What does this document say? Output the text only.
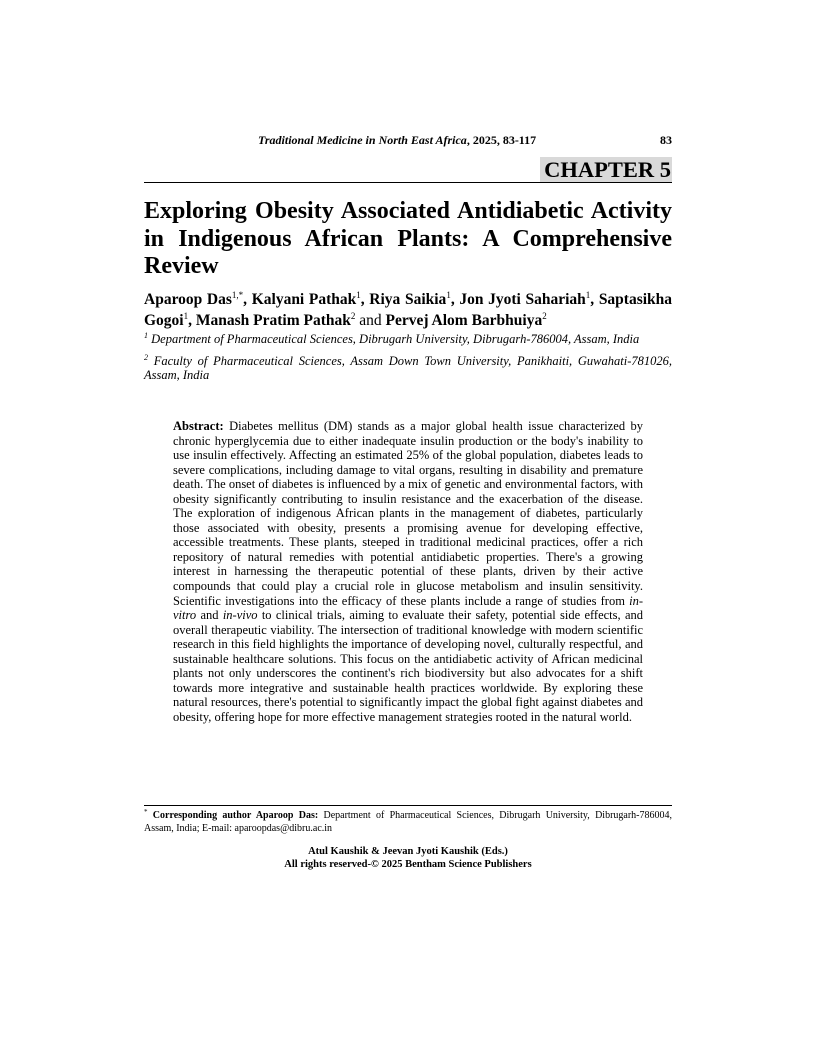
Traditional Medicine in North East Africa, 2025, 83-117	83
CHAPTER 5
Exploring Obesity Associated Antidiabetic Activity in Indigenous African Plants: A Comprehensive Review
Aparoop Das$^{1,*}$, Kalyani Pathak$^1$, Riya Saikia$^1$, Jon Jyoti Sahariah$^1$, Saptasikha Gogoi$^1$, Manash Pratim Pathak$^2$ and Pervej Alom Barbhuiya$^2$

$^1$ Department of Pharmaceutical Sciences, Dibrugarh University, Dibrugarh-786004, Assam, India

$^2$ Faculty of Pharmaceutical Sciences, Assam Down Town University, Panikhaiti, Guwahati-781026, Assam, India

Abstract: Diabetes mellitus (DM) stands as a major global health issue characterized by chronic hyperglycemia due to either inadequate insulin production or the body's inability to use insulin effectively. Affecting an estimated 25% of the global population, diabetes leads to severe complications, including damage to vital organs, resulting in disability and premature death. The onset of diabetes is influenced by a mix of genetic and environmental factors, with obesity significantly contributing to insulin resistance and the exacerbation of the disease. The exploration of indigenous African plants in the management of diabetes, particularly those associated with obesity, presents a promising avenue for developing effective, accessible treatments. These plants, steeped in traditional medicinal practices, offer a rich repository of natural remedies with potential antidiabetic properties. There's a growing interest in harnessing the therapeutic potential of these plants, driven by their active compounds that could play a crucial role in glucose metabolism and insulin sensitivity. Scientific investigations into the efficacy of these plants include a range of studies from in-vitro and in-vivo to clinical trials, aiming to evaluate their safety, potential side effects, and overall therapeutic viability. The intersection of traditional knowledge with modern scientific research in this field highlights the importance of developing novel, culturally respectful, and sustainable healthcare solutions. This focus on the antidiabetic activity of African medicinal plants not only underscores the continent's rich biodiversity but also advocates for a shift towards more integrative and sustainable health practices worldwide. By exploring these natural resources, there's potential to significantly impact the global fight against diabetes and obesity, offering hope for more effective management strategies rooted in the natural world.
* Corresponding author Aparoop Das: Department of Pharmaceutical Sciences, Dibrugarh University, Dibrugarh-786004, Assam, India; E-mail: aparoopdas@dibru.ac.in
Atul Kaushik & Jeevan Jyoti Kaushik (Eds.)
All rights reserved-© 2025 Bentham Science Publishers
